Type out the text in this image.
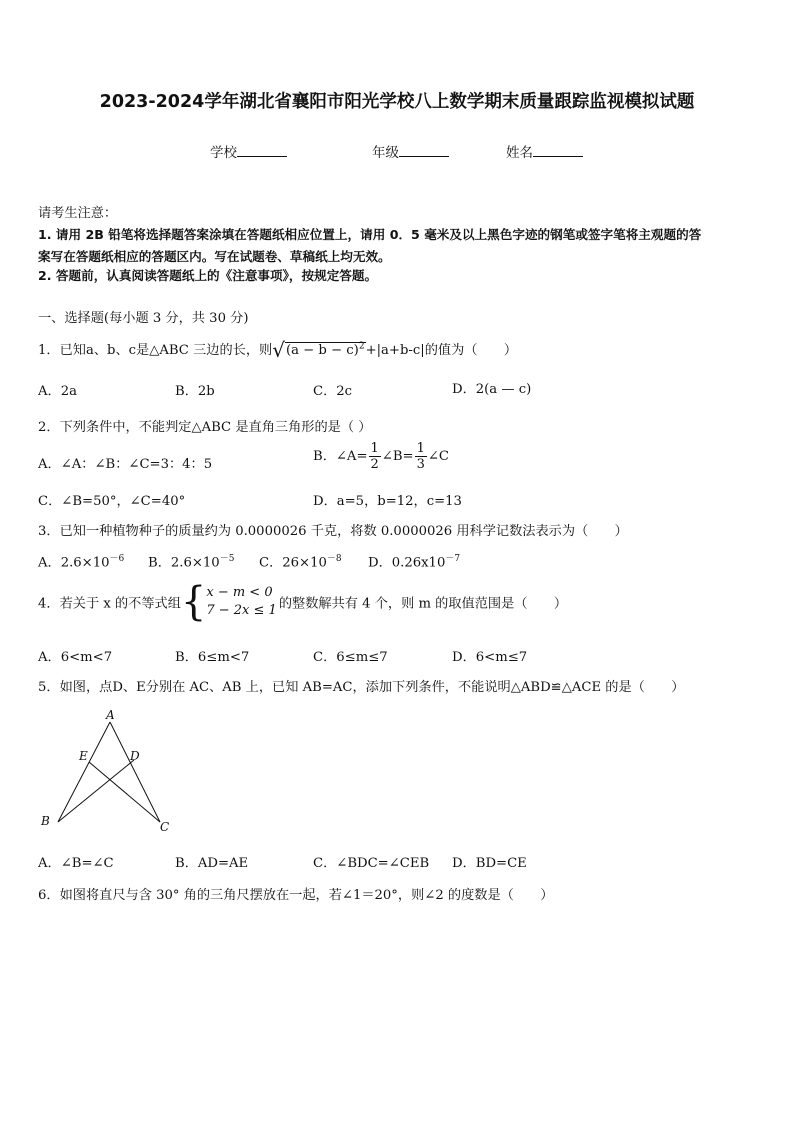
2023-2024学年湖北省襄阳市阳光学校八上数学期末质量跟踪监视模拟试题
学校	年级	姓名
请考生注意：
1. 请用 2B 铅笔将选择题答案涂填在答题纸相应位置上，请用 0．5 毫米及以上黑色字迹的钢笔或签字笔将主观题的答
案写在答题纸相应的答题区内。写在试题卷、草稿纸上均无效。
2. 答题前，认真阅读答题纸上的《注意事项》，按规定答题。
一、选择题(每小题 3 分，共 30 分)
1．已知a、b、c是△ABC 三边的长，则$√(a - b - c)^2+|a+b-c|$的值为（　　）
A．2a	B．2b	C．2c	D．2(a — c)
2．下列条件中，不能判定△ABC 是直角三角形的是（ ）
A．∠A：∠B：∠C=3：4：5
B．∠A= $\frac{1}{2}$ ∠B= $\frac{1}{3}$ ∠C
C．∠B=50°，∠C=40°	D．a=5，b=12，c=13
3．已知一种植物种子的质量约为 0.0000026 千克，将数 0.0000026 用科学记数法表示为（　　）
A．$2.6\times 10^{-6}$ B．$2.6\times 10^{-5}$ C．$26\times 10^{-8}$ D．$0.26x10^{-7}$
4．若关于 x 的不等式组{ x − m < 0
7 − 2x ≤ 1 的整数解共有 4 个，则 m 的取值范围是（　　）
A．6<m<7	B．6≤m<7	C．6≤m≤7	D．6<m≤7
5．如图，点D、E分别在 AC、AB 上，已知 AB=AC，添加下列条件，不能说明△ABD≌△ACE 的是（　　）
A
E	D
B	C
A．∠B=∠C	B．AD=AE	C．∠BDC=∠CEB D．BD=CE
6．如图将直尺与含 30° 角的三角尺摆放在一起，若∠1＝20°，则∠2 的度数是（　　）
